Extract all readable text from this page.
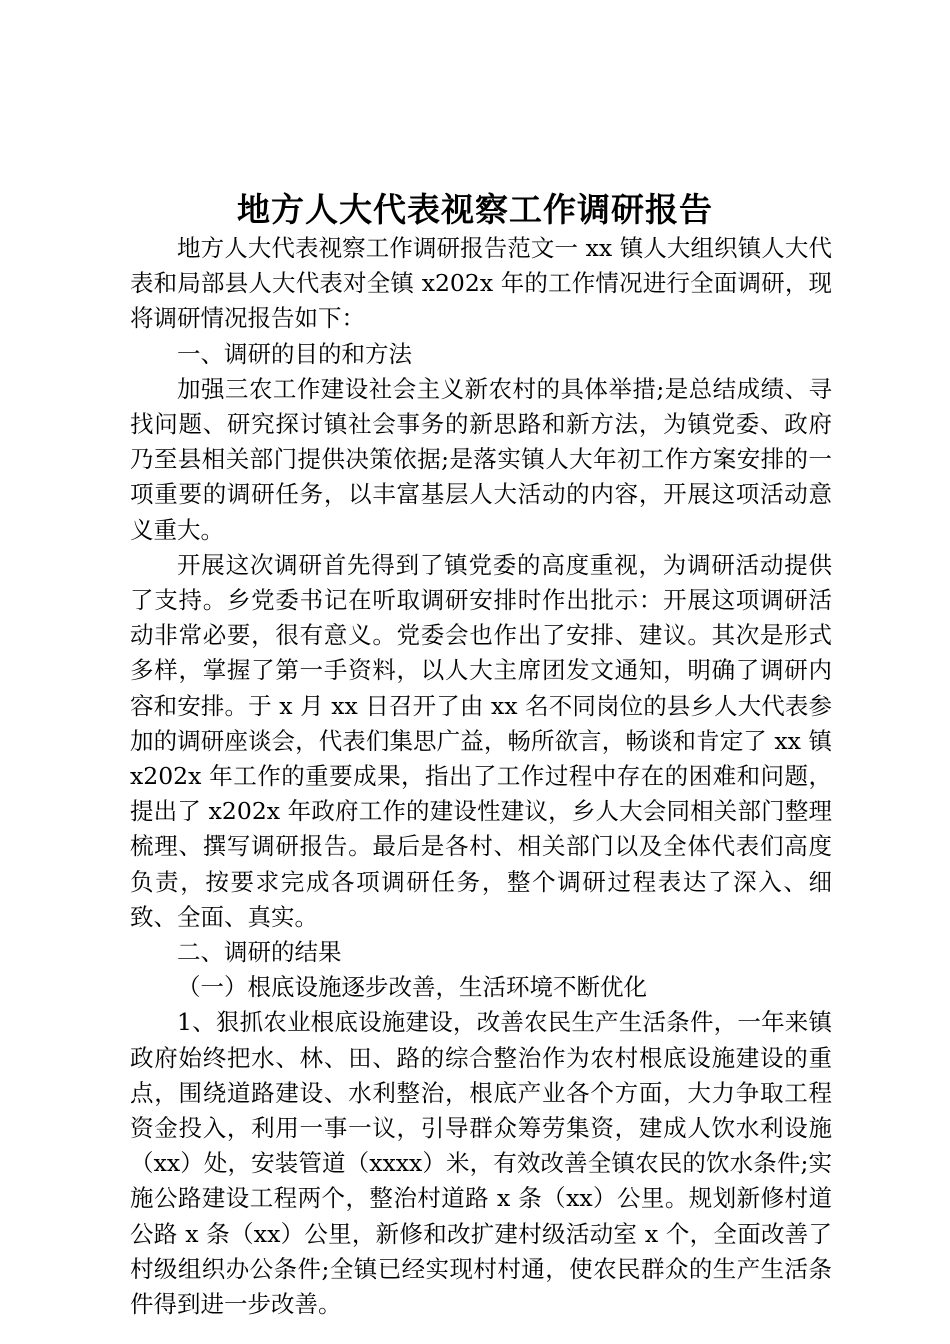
地方人大代表视察工作调研报告

地方人大代表视察工作调研报告范文一 xx 镇人大组织镇人大代表和局部县人大代表对全镇 x202x 年的工作情况进行全面调研，现将调研情况报告如下：

一、调研的目的和方法

加强三农工作建设社会主义新农村的具体举措;是总结成绩、寻找问题、研究探讨镇社会事务的新思路和新方法，为镇党委、政府乃至县相关部门提供决策依据;是落实镇人大年初工作方案安排的一项重要的调研任务，以丰富基层人大活动的内容，开展这项活动意义重大。

开展这次调研首先得到了镇党委的高度重视，为调研活动提供了支持。乡党委书记在听取调研安排时作出批示：开展这项调研活动非常必要，很有意义。党委会也作出了安排、建议。其次是形式多样，掌握了第一手资料，以人大主席团发文通知，明确了调研内容和安排。于 x 月 xx 日召开了由 xx 名不同岗位的县乡人大代表参加的调研座谈会，代表们集思广益，畅所欲言，畅谈和肯定了 xx 镇 x202x 年工作的重要成果，指出了工作过程中存在的困难和问题，提出了 x202x 年政府工作的建设性建议，乡人大会同相关部门整理梳理、撰写调研报告。最后是各村、相关部门以及全体代表们高度负责，按要求完成各项调研任务，整个调研过程表达了深入、细致、全面、真实。

二、调研的结果

（一）根底设施逐步改善，生活环境不断优化

1、狠抓农业根底设施建设，改善农民生产生活条件，一年来镇政府始终把水、林、田、路的综合整治作为农村根底设施建设的重点，围绕道路建设、水利整治，根底产业各个方面，大力争取工程资金投入，利用一事一议，引导群众筹劳集资，建成人饮水利设施（xx）处，安装管道（xxxx）米，有效改善全镇农民的饮水条件;实施公路建设工程两个，整治村道路 x 条（xx）公里。规划新修村道公路 x 条（xx）公里，新修和改扩建村级活动室 x 个，全面改善了村级组织办公条件;全镇已经实现村村通，使农民群众的生产生活条件得到进一步改善。
